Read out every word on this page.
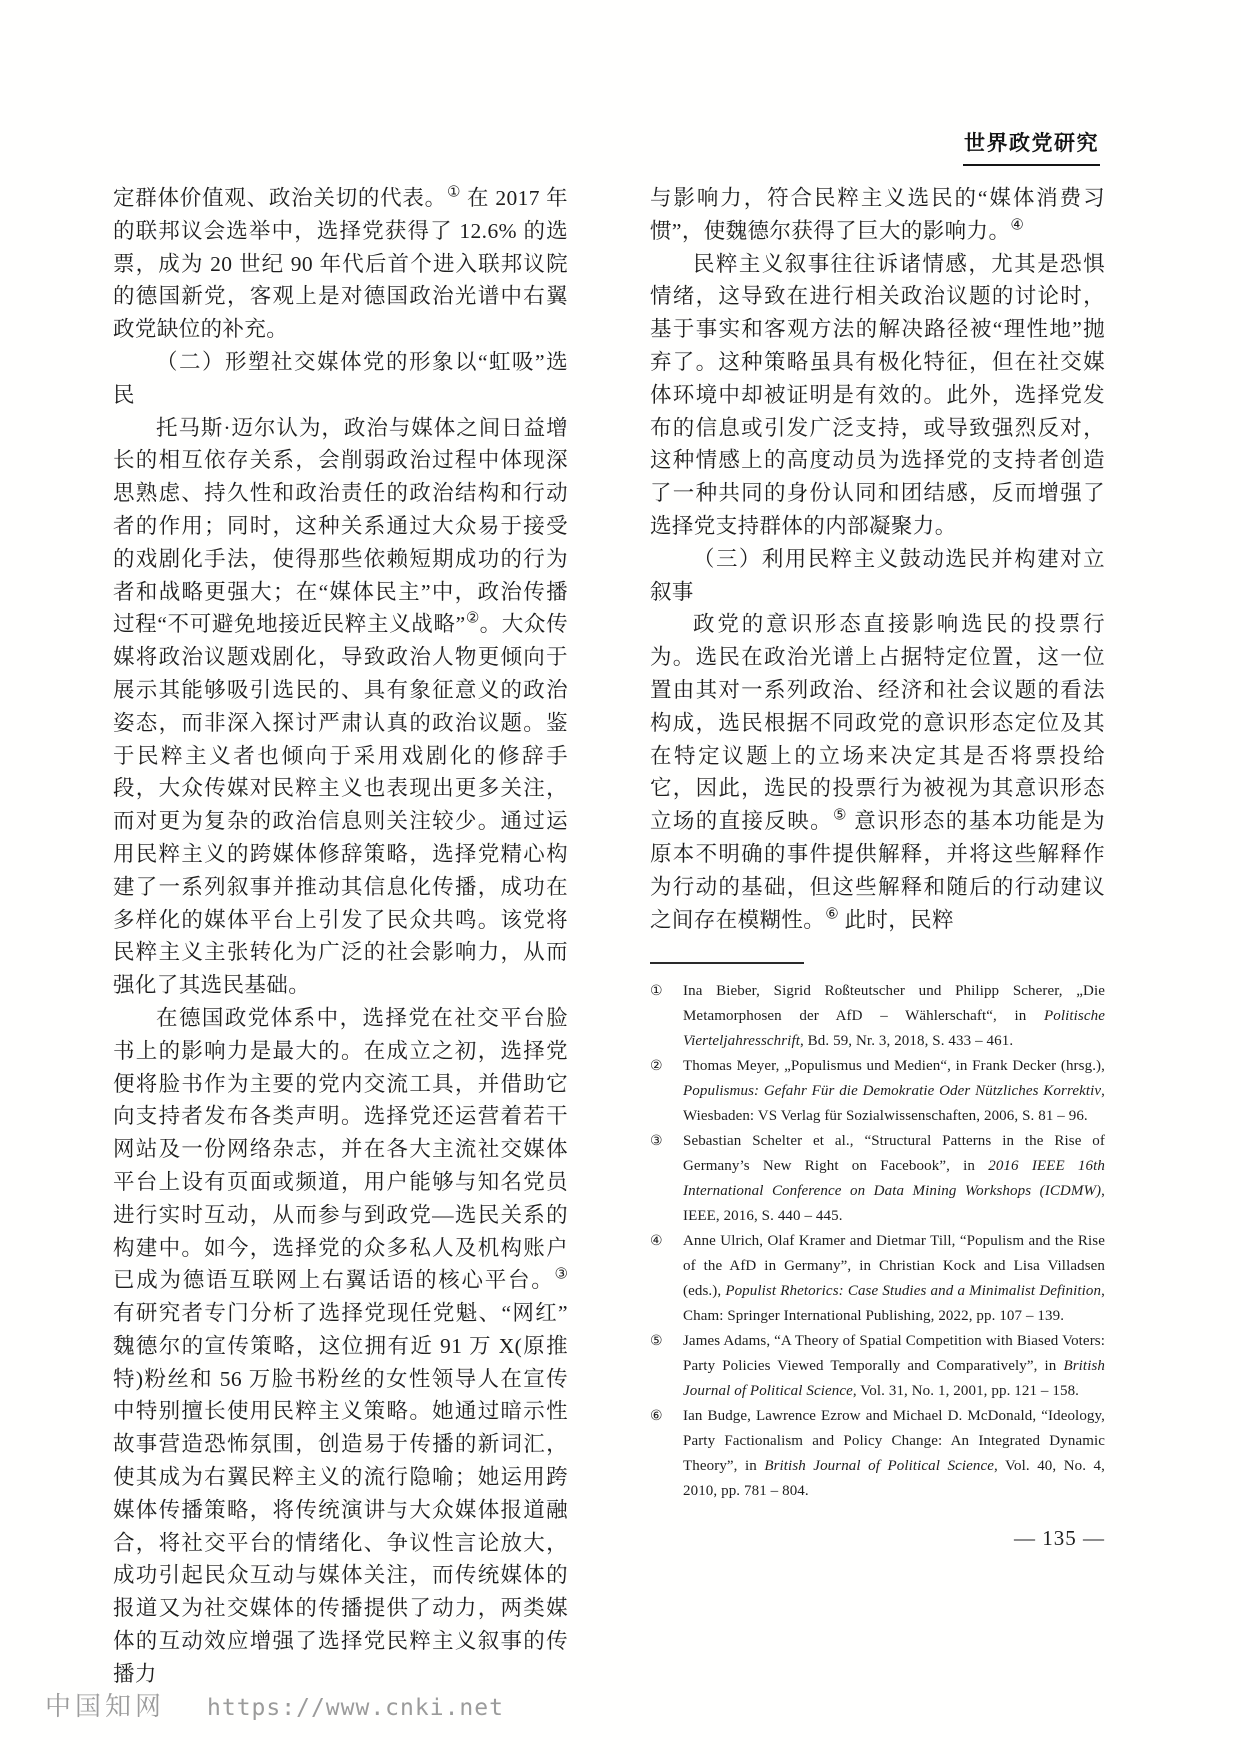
世界政党研究

定群体价值观、政治关切的代表。① 在 2017 年的联邦议会选举中，选择党获得了 12.6% 的选票，成为 20 世纪 90 年代后首个进入联邦议院的德国新党，客观上是对德国政治光谱中右翼政党缺位的补充。

（二）形塑社交媒体党的形象以“虹吸”选民

托马斯·迈尔认为，政治与媒体之间日益增长的相互依存关系，会削弱政治过程中体现深思熟虑、持久性和政治责任的政治结构和行动者的作用；同时，这种关系通过大众易于接受的戏剧化手法，使得那些依赖短期成功的行为者和战略更强大；在“媒体民主”中，政治传播过程“不可避免地接近民粹主义战略”②。大众传媒将政治议题戏剧化，导致政治人物更倾向于展示其能够吸引选民的、具有象征意义的政治姿态，而非深入探讨严肃认真的政治议题。鉴于民粹主义者也倾向于采用戏剧化的修辞手段，大众传媒对民粹主义也表现出更多关注，而对更为复杂的政治信息则关注较少。通过运用民粹主义的跨媒体修辞策略，选择党精心构建了一系列叙事并推动其信息化传播，成功在多样化的媒体平台上引发了民众共鸣。该党将民粹主义主张转化为广泛的社会影响力，从而强化了其选民基础。

在德国政党体系中，选择党在社交平台脸书上的影响力是最大的。在成立之初，选择党便将脸书作为主要的党内交流工具，并借助它向支持者发布各类声明。选择党还运营着若干网站及一份网络杂志，并在各大主流社交媒体平台上设有页面或频道，用户能够与知名党员进行实时互动，从而参与到政党—选民关系的构建中。如今，选择党的众多私人及机构账户已成为德语互联网上右翼话语的核心平台。③ 有研究者专门分析了选择党现任党魁、“网红”魏德尔的宣传策略，这位拥有近 91 万 X(原推特)粉丝和 56 万脸书粉丝的女性领导人在宣传中特别擅长使用民粹主义策略。她通过暗示性故事营造恐怖氛围，创造易于传播的新词汇，使其成为右翼民粹主义的流行隐喻；她运用跨媒体传播策略，将传统演讲与大众媒体报道融合，将社交平台的情绪化、争议性言论放大，成功引起民众互动与媒体关注，而传统媒体的报道又为社交媒体的传播提供了动力，两类媒体的互动效应增强了选择党民粹主义叙事的传播力

与影响力，符合民粹主义选民的“媒体消费习惯”，使魏德尔获得了巨大的影响力。④

民粹主义叙事往往诉诸情感，尤其是恐惧情绪，这导致在进行相关政治议题的讨论时，基于事实和客观方法的解决路径被“理性地”抛弃了。这种策略虽具有极化特征，但在社交媒体环境中却被证明是有效的。此外，选择党发布的信息或引发广泛支持，或导致强烈反对，这种情感上的高度动员为选择党的支持者创造了一种共同的身份认同和团结感，反而增强了选择党支持群体的内部凝聚力。

（三）利用民粹主义鼓动选民并构建对立叙事

政党的意识形态直接影响选民的投票行为。选民在政治光谱上占据特定位置，这一位置由其对一系列政治、经济和社会议题的看法构成，选民根据不同政党的意识形态定位及其在特定议题上的立场来决定其是否将票投给它，因此，选民的投票行为被视为其意识形态立场的直接反映。⑤ 意识形态的基本功能是为原本不明确的事件提供解释，并将这些解释作为行动的基础，但这些解释和随后的行动建议之间存在模糊性。⑥ 此时，民粹

① Ina Bieber, Sigrid Roßteutscher und Philipp Scherer, „Die Metamorphosen der AfD – Wählerschaft“, in Politische Vierteljahresschrift, Bd. 59, Nr. 3, 2018, S. 433 – 461.
② Thomas Meyer, „Populismus und Medien“, in Frank Decker (hrsg.), Populismus: Gefahr Für die Demokratie Oder Nützliches Korrektiv, Wiesbaden: VS Verlag für Sozialwissenschaften, 2006, S. 81 – 96.
③ Sebastian Schelter et al., “Structural Patterns in the Rise of Germany’s New Right on Facebook”, in 2016 IEEE 16th International Conference on Data Mining Workshops (ICDMW), IEEE, 2016, S. 440 – 445.
④ Anne Ulrich, Olaf Kramer and Dietmar Till, “Populism and the Rise of the AfD in Germany”, in Christian Kock and Lisa Villadsen (eds.), Populist Rhetorics: Case Studies and a Minimalist Definition, Cham: Springer International Publishing, 2022, pp. 107 – 139.
⑤ James Adams, “A Theory of Spatial Competition with Biased Voters: Party Policies Viewed Temporally and Comparatively”, in British Journal of Political Science, Vol. 31, No. 1, 2001, pp. 121 – 158.
⑥ Ian Budge, Lawrence Ezrow and Michael D. McDonald, “Ideology, Party Factionalism and Policy Change: An Integrated Dynamic Theory”, in British Journal of Political Science, Vol. 40, No. 4, 2010, pp. 781 – 804.
— 135 —
中国知网 https://www.cnki.net
